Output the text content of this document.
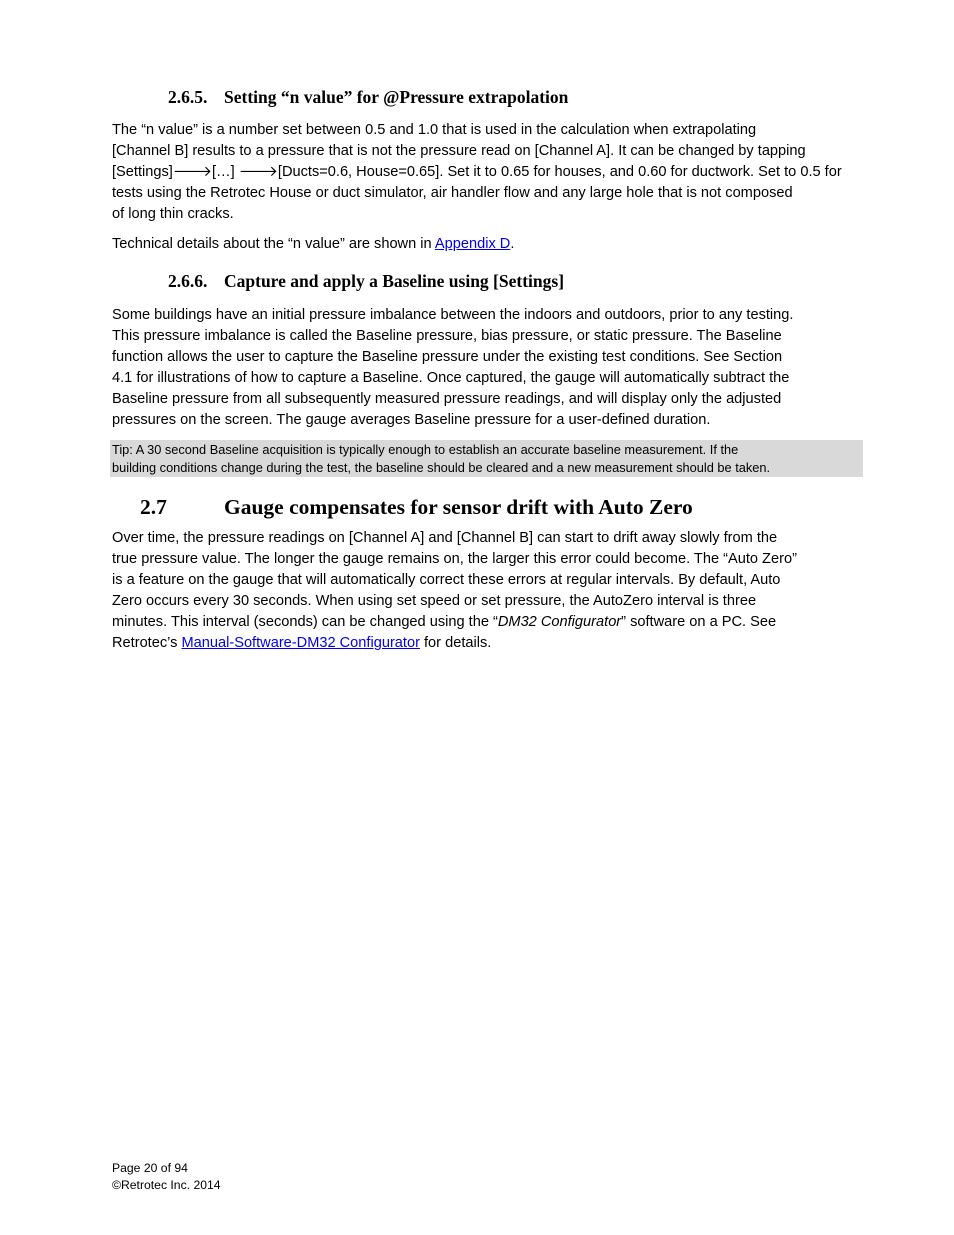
2.6.5. Setting “n value” for @Pressure extrapolation
The “n value” is a number set between 0.5 and 1.0 that is used in the calculation when extrapolating
[Channel B] results to a pressure that is not the pressure read on [Channel A]. It can be changed by tapping
[Settings]🡒[…] 🡒[Ducts=0.6, House=0.65]. Set it to 0.65 for houses, and 0.60 for ductwork. Set to 0.5 for
tests using the Retrotec House or duct simulator, air handler flow and any large hole that is not composed
of long thin cracks.
Technical details about the “n value” are shown in Appendix D.
2.6.6. Capture and apply a Baseline using [Settings]
Some buildings have an initial pressure imbalance between the indoors and outdoors, prior to any testing.
This pressure imbalance is called the Baseline pressure, bias pressure, or static pressure. The Baseline
function allows the user to capture the Baseline pressure under the existing test conditions. See Section
4.1 for illustrations of how to capture a Baseline. Once captured, the gauge will automatically subtract the
Baseline pressure from all subsequently measured pressure readings, and will display only the adjusted
pressures on the screen. The gauge averages Baseline pressure for a user-defined duration.
Tip: A 30 second Baseline acquisition is typically enough to establish an accurate baseline measurement. If the
building conditions change during the test, the baseline should be cleared and a new measurement should be taken.
2.7	Gauge compensates for sensor drift with Auto Zero
Over time, the pressure readings on [Channel A] and [Channel B] can start to drift away slowly from the
true pressure value. The longer the gauge remains on, the larger this error could become. The “Auto Zero”
is a feature on the gauge that will automatically correct these errors at regular intervals. By default, Auto
Zero occurs every 30 seconds. When using set speed or set pressure, the AutoZero interval is three
minutes. This interval (seconds) can be changed using the “DM32 Configurator” software on a PC. See
Retrotec’s Manual-Software-DM32 Configurator for details.
Page 20 of 94
©Retrotec Inc. 2014
